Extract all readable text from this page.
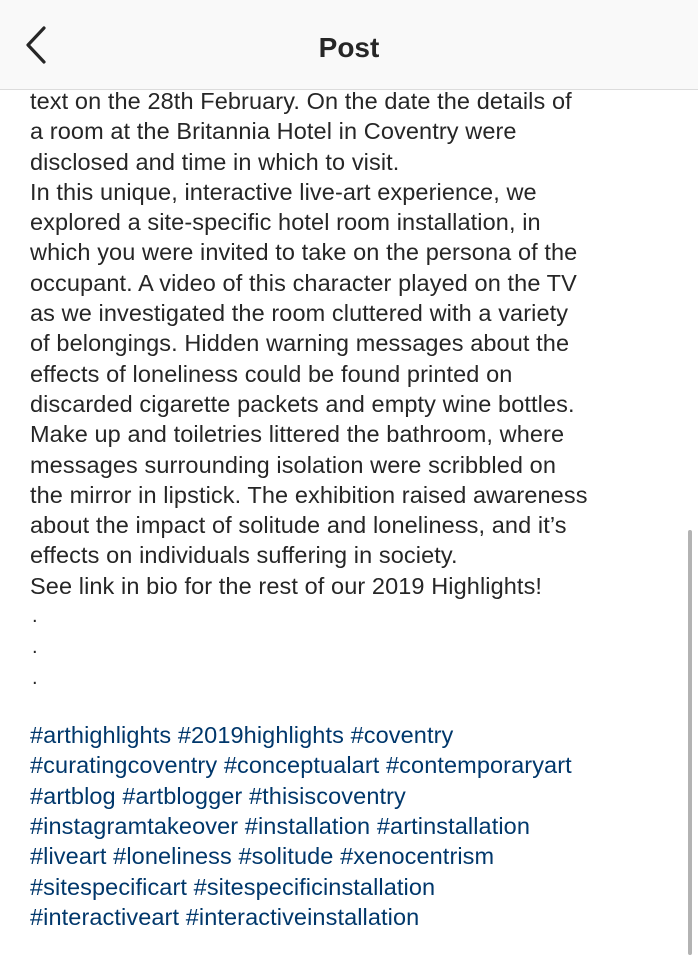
Post
text on the 28th February. On the date the details of
a room at the Britannia Hotel in Coventry were
disclosed and time in which to visit.
In this unique, interactive live-art experience, we
explored a site-specific hotel room installation, in
which you were invited to take on the persona of the
occupant. A video of this character played on the TV
as we investigated the room cluttered with a variety
of belongings. Hidden warning messages about the
effects of loneliness could be found printed on
discarded cigarette packets and empty wine bottles.
Make up and toiletries littered the bathroom, where
messages surrounding isolation were scribbled on
the mirror in lipstick. The exhibition raised awareness
about the impact of solitude and loneliness, and it’s
effects on individuals suffering in society.
See link in bio for the rest of our 2019 Highlights!
.
.
.
#arthighlights #2019highlights #coventry
#curatingcoventry #conceptualart #contemporaryart
#artblog #artblogger #thisiscoventry
#instagramtakeover #installation #artinstallation
#liveart #loneliness #solitude #xenocentrism
#sitespecificart #sitespecificinstallation
#interactiveart #interactiveinstallation
